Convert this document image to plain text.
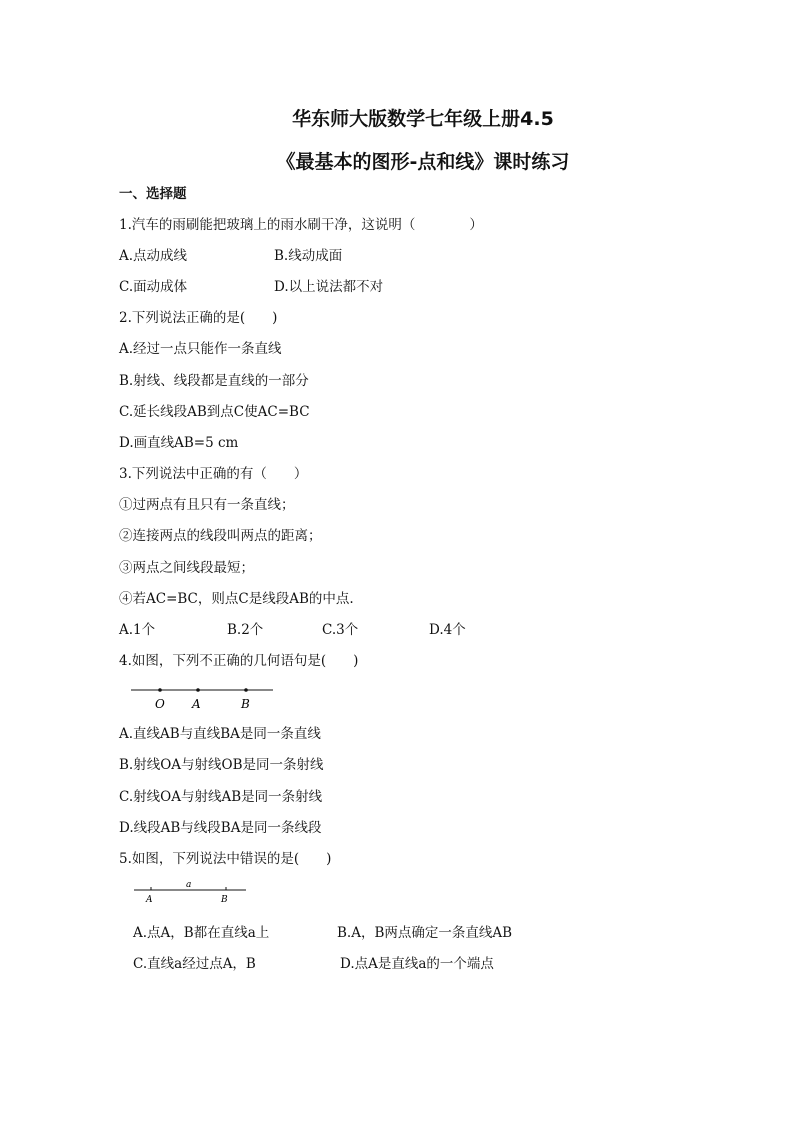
华东师大版数学七年级上册4.5
《最基本的图形-点和线》课时练习
一、选择题
1.汽车的雨刷能把玻璃上的雨水刷干净，这说明（　　　　）
A.点动成线	B.线动成面
C.面动成体	D.以上说法都不对
2.下列说法正确的是(　　)
A.经过一点只能作一条直线
B.射线、线段都是直线的一部分
C.延长线段AB到点C使AC=BC
D.画直线AB=5 cm
3.下列说法中正确的有（　　）
①过两点有且只有一条直线；
②连接两点的线段叫两点的距离；
③两点之间线段最短；
④若AC=BC，则点C是线段AB的中点.
A.1个	B.2个	C.3个	D.4个
4.如图，下列不正确的几何语句是(　　)
O A	B
A.直线AB与直线BA是同一条直线
B.射线OA与射线OB是同一条射线
C.射线OA与射线AB是同一条射线
D.线段AB与线段BA是同一条线段
5.如图，下列说法中错误的是(　　)
a
A	B
A.点A，B都在直线a上	B.A，B两点确定一条直线AB
C.直线a经过点A，B	D.点A是直线a的一个端点
